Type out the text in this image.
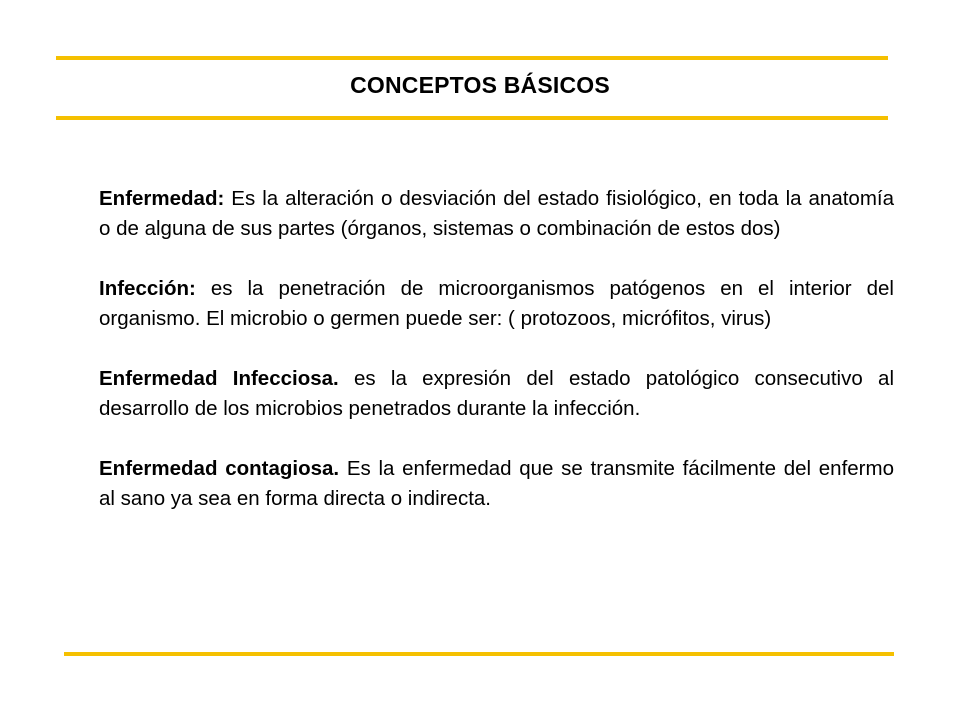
CONCEPTOS BÁSICOS

Enfermedad: Es la alteración o desviación del estado fisiológico, en toda la anatomía o de alguna de sus partes (órganos, sistemas o combinación de estos dos)

Infección: es la penetración de microorganismos patógenos en el interior del organismo. El microbio o germen puede ser: ( protozoos, micrófitos, virus)

Enfermedad Infecciosa. es la expresión del estado patológico consecutivo al desarrollo de los microbios penetrados durante la infección.

Enfermedad contagiosa. Es la enfermedad que se transmite fácilmente del enfermo al sano ya sea en forma directa o indirecta.
